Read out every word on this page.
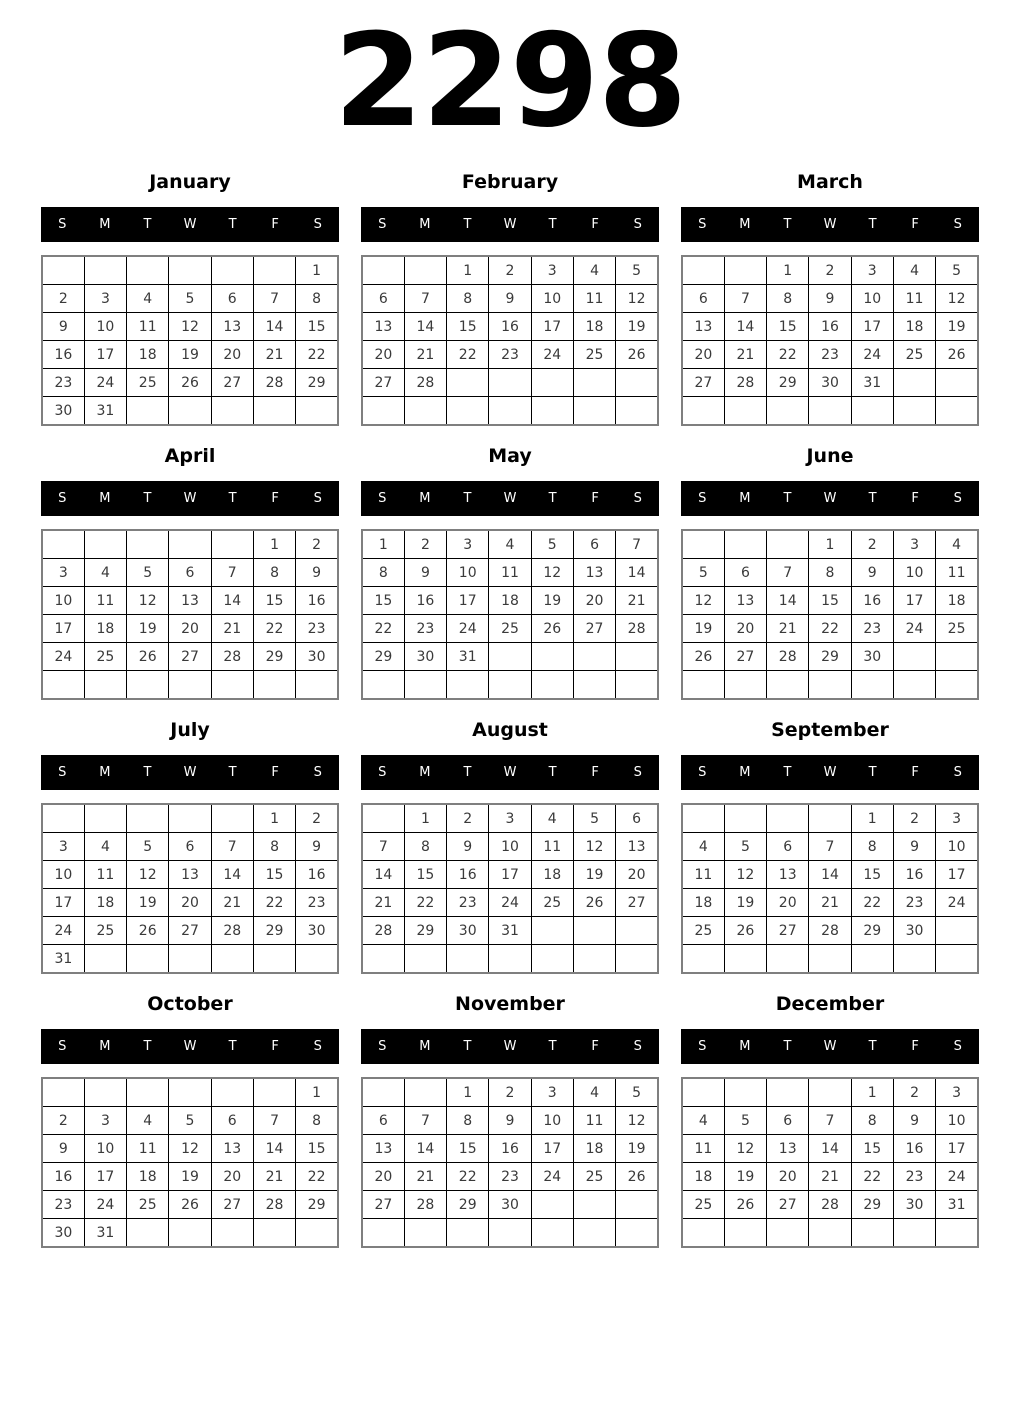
2298
January
S	M	T	W	T	F	S
						1
2	3	4	5	6	7	8
9	10	11	12	13	14	15
16	17	18	19	20	21	22
23	24	25	26	27	28	29
30	31					
February
S	M	T	W	T	F	S
		1	2	3	4	5
6	7	8	9	10	11	12
13	14	15	16	17	18	19
20	21	22	23	24	25	26
27	28					

March
S	M	T	W	T	F	S
		1	2	3	4	5
6	7	8	9	10	11	12
13	14	15	16	17	18	19
20	21	22	23	24	25	26
27	28	29	30	31		

April
S	M	T	W	T	F	S
					1	2
3	4	5	6	7	8	9
10	11	12	13	14	15	16
17	18	19	20	21	22	23
24	25	26	27	28	29	30

May
S	M	T	W	T	F	S
1	2	3	4	5	6	7
8	9	10	11	12	13	14
15	16	17	18	19	20	21
22	23	24	25	26	27	28
29	30	31				

June
S	M	T	W	T	F	S
			1	2	3	4
5	6	7	8	9	10	11
12	13	14	15	16	17	18
19	20	21	22	23	24	25
26	27	28	29	30		

July
S	M	T	W	T	F	S
					1	2
3	4	5	6	7	8	9
10	11	12	13	14	15	16
17	18	19	20	21	22	23
24	25	26	27	28	29	30
31						
August
S	M	T	W	T	F	S
	1	2	3	4	5	6
7	8	9	10	11	12	13
14	15	16	17	18	19	20
21	22	23	24	25	26	27
28	29	30	31			

September
S	M	T	W	T	F	S
				1	2	3
4	5	6	7	8	9	10
11	12	13	14	15	16	17
18	19	20	21	22	23	24
25	26	27	28	29	30	

October
S	M	T	W	T	F	S
						1
2	3	4	5	6	7	8
9	10	11	12	13	14	15
16	17	18	19	20	21	22
23	24	25	26	27	28	29
30	31					
November
S	M	T	W	T	F	S
		1	2	3	4	5
6	7	8	9	10	11	12
13	14	15	16	17	18	19
20	21	22	23	24	25	26
27	28	29	30			

December
S	M	T	W	T	F	S
				1	2	3
4	5	6	7	8	9	10
11	12	13	14	15	16	17
18	19	20	21	22	23	24
25	26	27	28	29	30	31
